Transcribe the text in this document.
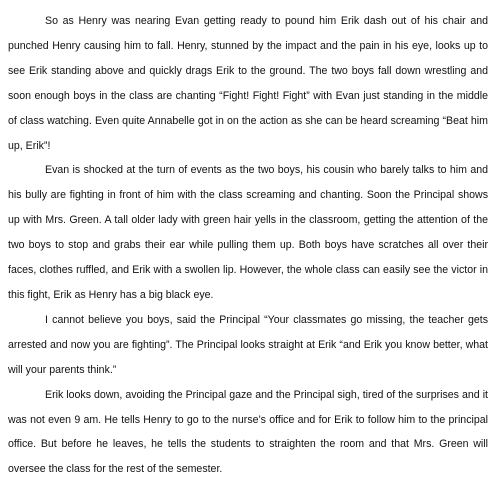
So as Henry was nearing Evan getting ready to pound him Erik dash out of his chair and punched Henry causing him to fall. Henry, stunned by the impact and the pain in his eye, looks up to see Erik standing above and quickly drags Erik to the ground. The two boys fall down wrestling and soon enough boys in the class are chanting “Fight! Fight! Fight” with Evan just standing in the middle of class watching. Even quite Annabelle got in on the action as she can be heard screaming “Beat him up, Erik”!

Evan is shocked at the turn of events as the two boys, his cousin who barely talks to him and his bully are fighting in front of him with the class screaming and chanting. Soon the Principal shows up with Mrs. Green. A tall older lady with green hair yells in the classroom, getting the attention of the two boys to stop and grabs their ear while pulling them up. Both boys have scratches all over their faces, clothes ruffled, and Erik with a swollen lip. However, the whole class can easily see the victor in this fight, Erik as Henry has a big black eye.

I cannot believe you boys, said the Principal “Your classmates go missing, the teacher gets arrested and now you are fighting”. The Principal looks straight at Erik “and Erik you know better, what will your parents think.”

Erik looks down, avoiding the Principal gaze and the Principal sigh, tired of the surprises and it was not even 9 am. He tells Henry to go to the nurse’s office and for Erik to follow him to the principal office. But before he leaves, he tells the students to straighten the room and that Mrs. Green will oversee the class for the rest of the semester.
